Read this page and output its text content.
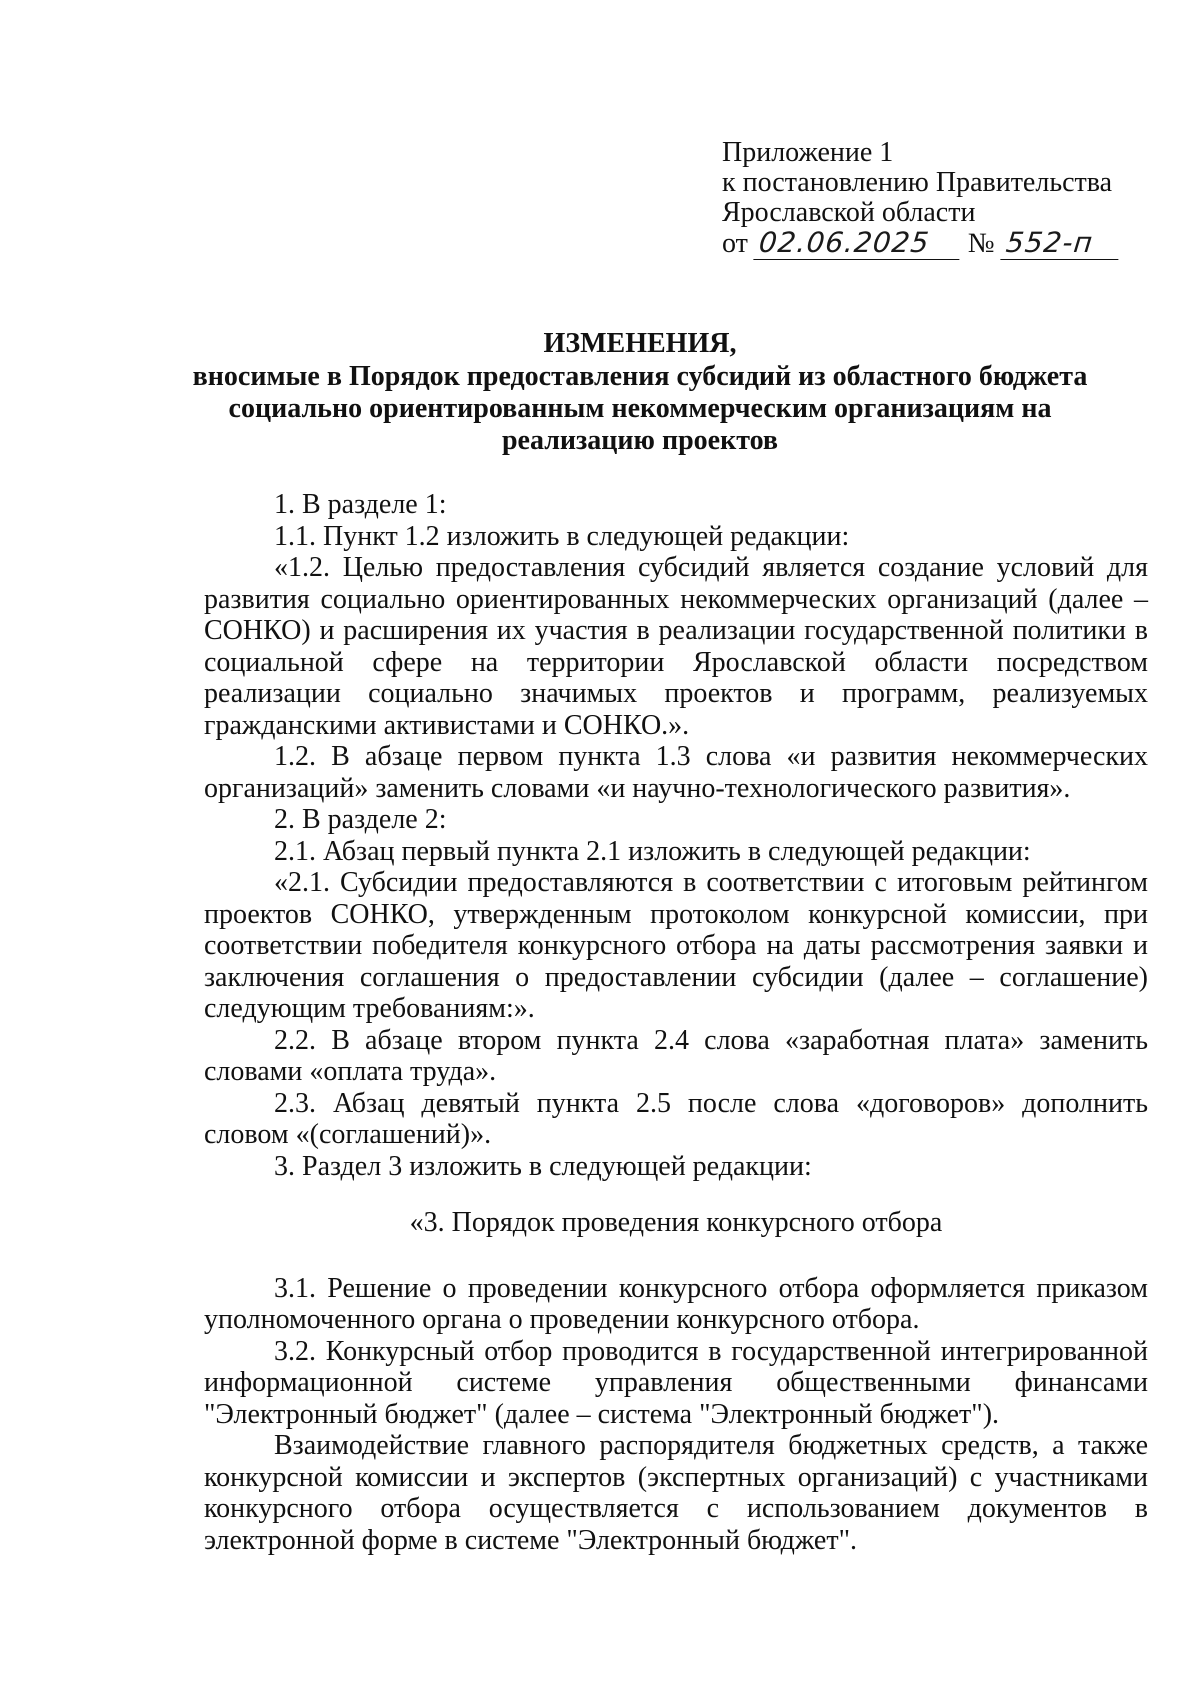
Приложение 1
к постановлению Правительства
Ярославской области
от 02.06.2025 № 552-п
ИЗМЕНЕНИЯ,
вносимые в Порядок предоставления субсидий из областного бюджета социально ориентированным некоммерческим организациям на реализацию проектов

1. В разделе 1:

1.1. Пункт 1.2 изложить в следующей редакции:

«1.2. Целью предоставления субсидий является создание условий для развития социально ориентированных некоммерческих организаций (далее – СОНКО) и расширения их участия в реализации государственной политики в социальной сфере на территории Ярославской области посредством реализации социально значимых проектов и программ, реализуемых гражданскими активистами и СОНКО.».

1.2. В абзаце первом пункта 1.3 слова «и развития некоммерческих организаций» заменить словами «и научно-технологического развития».

2. В разделе 2:

2.1. Абзац первый пункта 2.1 изложить в следующей редакции:

«2.1. Субсидии предоставляются в соответствии с итоговым рейтингом проектов СОНКО, утвержденным протоколом конкурсной комиссии, при соответствии победителя конкурсного отбора на даты рассмотрения заявки и заключения соглашения о предоставлении субсидии (далее – соглашение) следующим требованиям:».

2.2. В абзаце втором пункта 2.4 слова «заработная плата» заменить словами «оплата труда».

2.3. Абзац девятый пункта 2.5 после слова «договоров» дополнить словом «(соглашений)».

3. Раздел 3 изложить в следующей редакции:

«3. Порядок проведения конкурсного отбора

3.1. Решение о проведении конкурсного отбора оформляется приказом уполномоченного органа о проведении конкурсного отбора.

3.2. Конкурсный отбор проводится в государственной интегрированной информационной системе управления общественными финансами "Электронный бюджет" (далее – система "Электронный бюджет").

Взаимодействие главного распорядителя бюджетных средств, а также конкурсной комиссии и экспертов (экспертных организаций) с участниками конкурсного отбора осуществляется с использованием документов в электронной форме в системе "Электронный бюджет".
